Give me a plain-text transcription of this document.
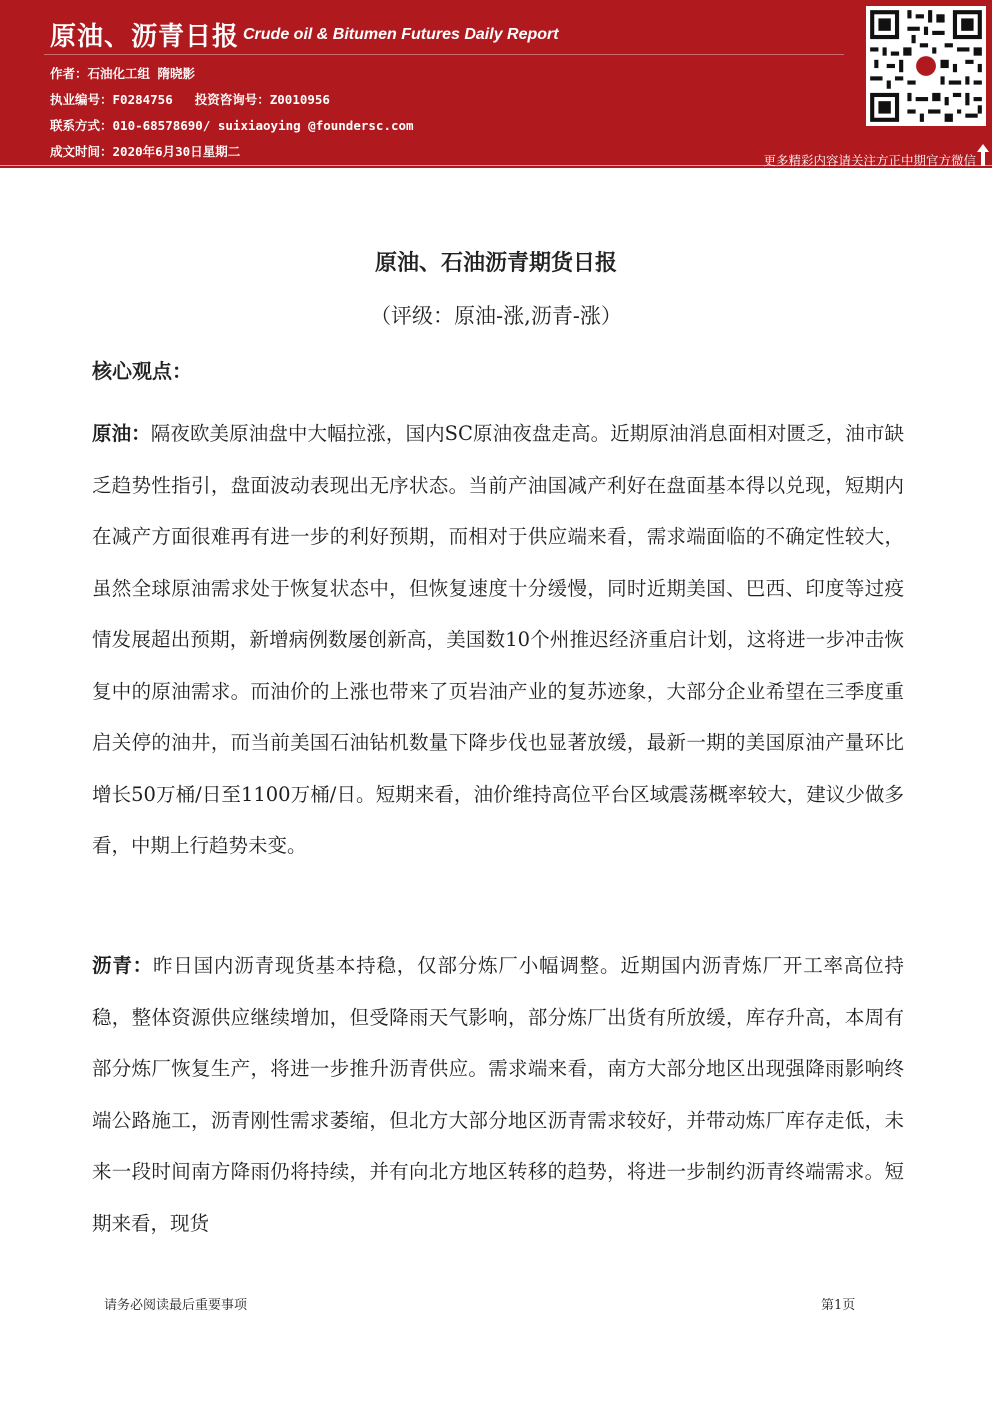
原油、沥青日报 Crude oil & Bitumen Futures Daily Report
作者：石油化工组 隋晓影
执业编号：F0284756 投资咨询号：Z0010956
联系方式：010-68578690/ suixiaoying @foundersc.com
成文时间：2020年6月30日星期二
更多精彩内容请关注方正中期官方微信
原油、石油沥青期货日报
（评级：原油-涨,沥青-涨）
核心观点：
原油：隔夜欧美原油盘中大幅拉涨，国内SC原油夜盘走高。近期原油消息面相对匮乏，油市缺乏趋势性指引，盘面波动表现出无序状态。当前产油国减产利好在盘面基本得以兑现，短期内在减产方面很难再有进一步的利好预期，而相对于供应端来看，需求端面临的不确定性较大，虽然全球原油需求处于恢复状态中，但恢复速度十分缓慢，同时近期美国、巴西、印度等过疫情发展超出预期，新增病例数屡创新高，美国数10个州推迟经济重启计划，这将进一步冲击恢复中的原油需求。而油价的上涨也带来了页岩油产业的复苏迹象，大部分企业希望在三季度重启关停的油井，而当前美国石油钻机数量下降步伐也显著放缓，最新一期的美国原油产量环比增长50万桶/日至1100万桶/日。短期来看，油价维持高位平台区域震荡概率较大，建议少做多看，中期上行趋势未变。
沥青：昨日国内沥青现货基本持稳，仅部分炼厂小幅调整。近期国内沥青炼厂开工率高位持稳，整体资源供应继续增加，但受降雨天气影响，部分炼厂出货有所放缓，库存升高，本周有部分炼厂恢复生产，将进一步推升沥青供应。需求端来看，南方大部分地区出现强降雨影响终端公路施工，沥青刚性需求萎缩，但北方大部分地区沥青需求较好，并带动炼厂库存走低，未来一段时间南方降雨仍将持续，并有向北方地区转移的趋势，将进一步制约沥青终端需求。短期来看，现货
请务必阅读最后重要事项	第1页
